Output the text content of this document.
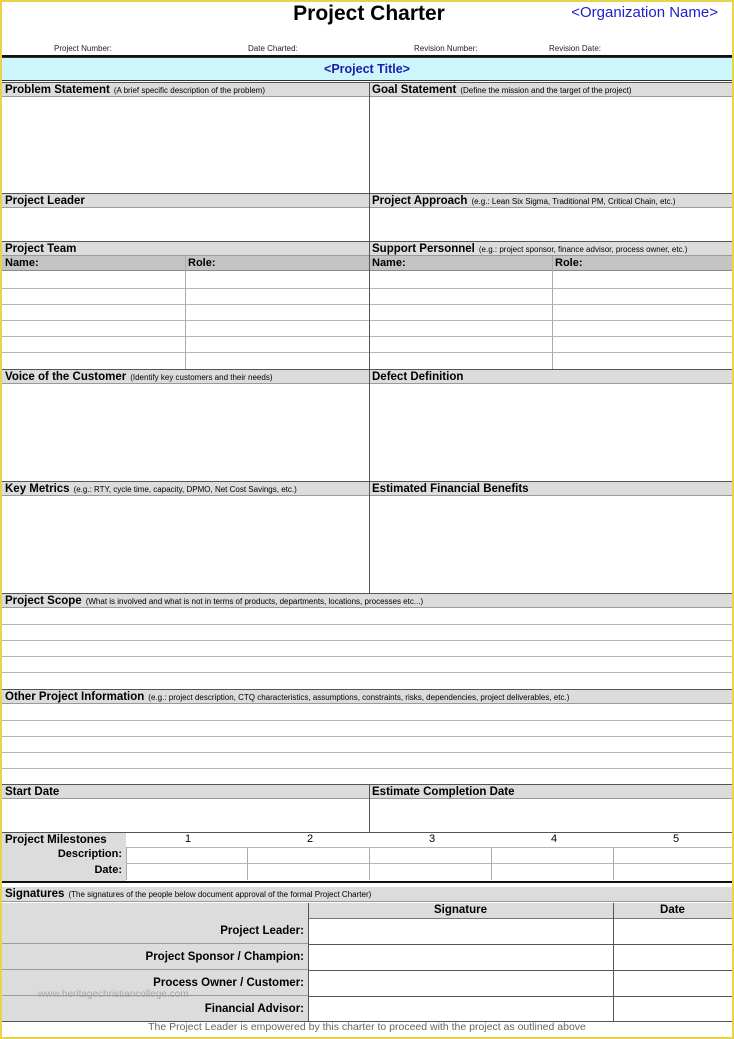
Project Charter	<Organization Name>
Project Number:	Date Charted:	Revision Number:	Revision Date:
<Project Title>
Problem Statement (A brief specific description of the problem)	Goal Statement (Define the mission and the target of the project)
Project Leader	Project Approach (e.g.: Lean Six Sigma, Traditional PM, Critical Chain, etc.)
Project Team	Support Personnel (e.g.: project sponsor, finance advisor, process owner, etc.)
Name:	Role:	Name:	Role:
Voice of the Customer (Identify key customers and their needs)	Defect Definition
Key Metrics (e.g.: RTY, cycle time, capacity, DPMO, Net Cost Savings, etc.)	Estimated Financial Benefits
Project Scope (What is involved and what is not in terms of products, departments, locations, processes etc...)
Other Project Information (e.g.: project description, CTQ characteristics, assumptions, constraints, risks, dependencies, project deliverables, etc.)
Start Date	Estimate Completion Date
Project Milestones	1	2	3	4	5
Description:
Date:
Signatures (The signatures of the people below document approval of the formal Project Charter)
Signature	Date
Project Leader:
Project Sponsor / Champion:
Process Owner / Customer:
Financial Advisor:
www.heritagechristiancollege.com
The Project Leader is empowered by this charter to proceed with the project as outlined above
